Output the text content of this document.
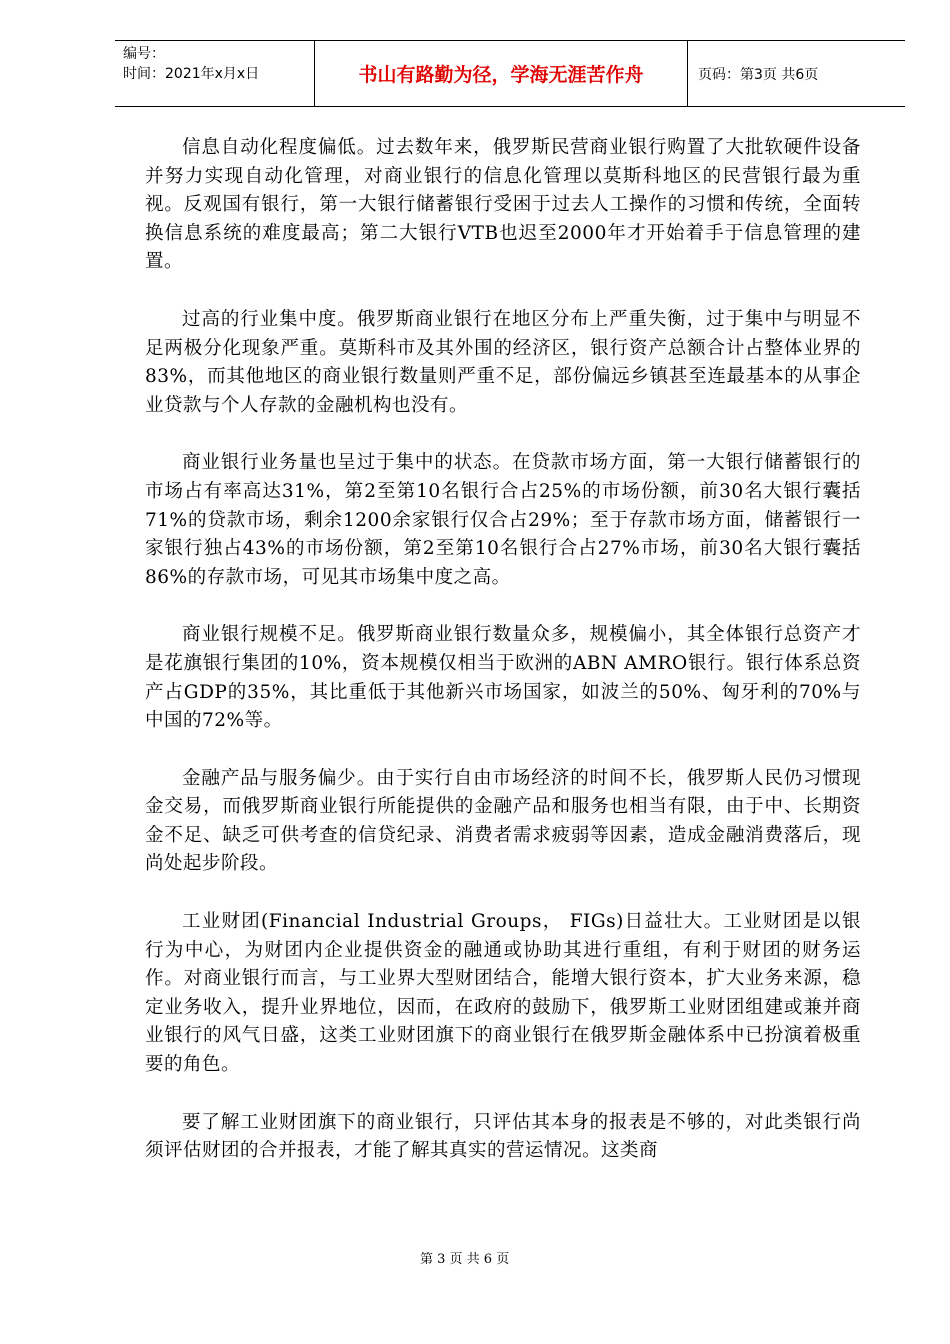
编号：
时间：2021年x月x日	书山有路勤为径，学海无涯苦作舟	页码：第3页 共6页

信息自动化程度偏低。过去数年来，俄罗斯民营商业银行购置了大批软硬件设备并努力实现自动化管理，对商业银行的信息化管理以莫斯科地区的民营银行最为重视。反观国有银行，第一大银行储蓄银行受困于过去人工操作的习惯和传统，全面转换信息系统的难度最高；第二大银行VTB也迟至2000年才开始着手于信息管理的建置。

过高的行业集中度。俄罗斯商业银行在地区分布上严重失衡，过于集中与明显不足两极分化现象严重。莫斯科市及其外围的经济区，银行资产总额合计占整体业界的83%，而其他地区的商业银行数量则严重不足，部份偏远乡镇甚至连最基本的从事企业贷款与个人存款的金融机构也没有。

商业银行业务量也呈过于集中的状态。在贷款市场方面，第一大银行储蓄银行的市场占有率高达31%，第2至第10名银行合占25%的市场份额，前30名大银行囊括 71%的贷款市场，剩余1200余家银行仅合占29%；至于存款市场方面，储蓄银行一家银行独占43%的市场份额，第2至第10名银行合占27%市场，前30名大银行囊括86%的存款市场，可见其市场集中度之高。

商业银行规模不足。俄罗斯商业银行数量众多，规模偏小，其全体银行总资产才是花旗银行集团的10%，资本规模仅相当于欧洲的ABN AMRO银行。银行体系总资产占GDP的35%，其比重低于其他新兴市场国家，如波兰的50%、匈牙利的70%与中国的72%等。

金融产品与服务偏少。由于实行自由市场经济的时间不长，俄罗斯人民仍习惯现金交易，而俄罗斯商业银行所能提供的金融产品和服务也相当有限，由于中、长期资金不足、缺乏可供考查的信贷纪录、消费者需求疲弱等因素，造成金融消费落后，现尚处起步阶段。

工业财团(Financial Industrial Groups， FIGs)日益壮大。工业财团是以银行为中心，为财团内企业提供资金的融通或协助其进行重组，有利于财团的财务运作。对商业银行而言，与工业界大型财团结合，能增大银行资本，扩大业务来源，稳定业务收入，提升业界地位，因而，在政府的鼓励下，俄罗斯工业财团组建或兼并商业银行的风气日盛，这类工业财团旗下的商业银行在俄罗斯金融体系中已扮演着极重要的角色。

要了解工业财团旗下的商业银行，只评估其本身的报表是不够的，对此类银行尚须评估财团的合并报表，才能了解其真实的营运情况。这类商

第 3 页 共 6 页
